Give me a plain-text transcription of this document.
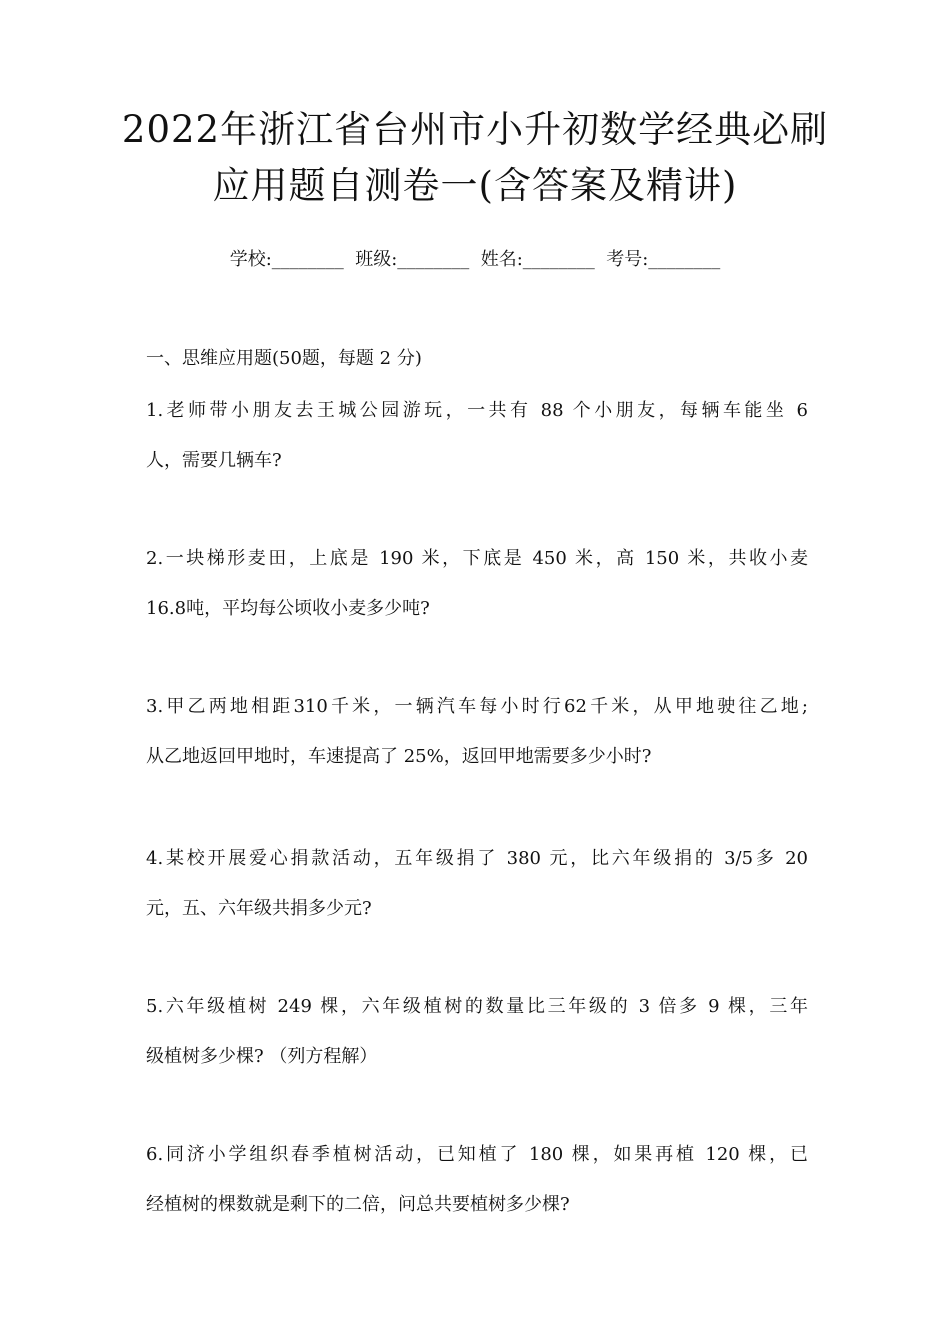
2022年浙江省台州市小升初数学经典必刷
应用题自测卷一(含答案及精讲)
学校:________  班级:________  姓名:________  考号:________
一、思维应用题(50题，每题 2 分)
1.老师带小朋友去王城公园游玩，一共有 88 个小朋友，每辆车能坐 6
人，需要几辆车?
2.一块梯形麦田，上底是 190 米，下底是 450 米，高 150 米，共收小麦
16.8吨，平均每公顷收小麦多少吨?
3.甲乙两地相距310千米，一辆汽车每小时行62千米，从甲地驶往乙地;
从乙地返回甲地时，车速提高了 25%，返回甲地需要多少小时?
4.某校开展爱心捐款活动，五年级捐了 380 元，比六年级捐的 3/5多 20
元，五、六年级共捐多少元?
5.六年级植树 249 棵，六年级植树的数量比三年级的 3 倍多 9 棵，三年
级植树多少棵? （列方程解）
6.同济小学组织春季植树活动，已知植了 180 棵，如果再植 120 棵，已
经植树的棵数就是剩下的二倍，问总共要植树多少棵?
